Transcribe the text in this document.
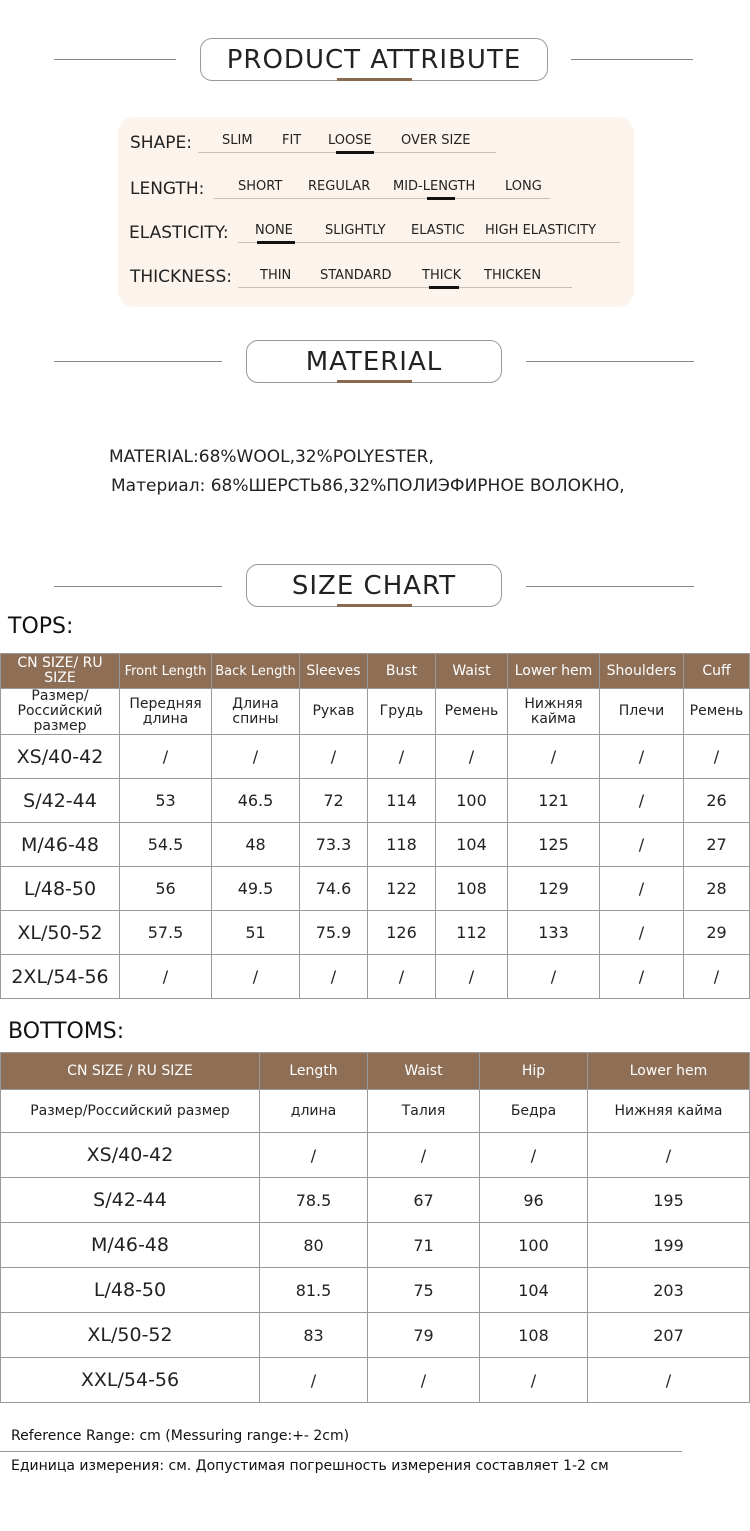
PRODUCT ATTRIBUTE
SHAPE: SLIM FIT LOOSE OVER SIZE
LENGTH:	SHORT REGULAR MID-LENGTH LONG
ELASTICITY: NONE SLIGHTLY ELASTIC HIGH ELASTICITY
THICKNESS: THIN STANDARD THICK THICKEN
MATERIAL
MATERIAL:68%WOOL,32%POLYESTER,
Материал: 68%ШЕРСТЬ86,32%ПОЛИЭФИРНОЕ ВОЛОКНО,
SIZE CHART
TOPS:
CN SIZE/ RU SIZE	Front Length	Back Length	Sleeves	Bust	Waist	Lower hem	Shoulders	Cuff
Размер/ Российский размер	Передняя длина	Длина спины	Рукав	Грудь	Ремень	Нижняя кайма	Плечи	Ремень
XS/40-42	/	/	/	/	/	/	/	/
S/42-44	53	46.5	72	114	100	121	/	26
M/46-48	54.5	48	73.3	118	104	125	/	27
L/48-50	56	49.5	74.6	122	108	129	/	28
XL/50-52	57.5	51	75.9	126	112	133	/	29
2XL/54-56	/	/	/	/	/	/	/	/
BOTTOMS:
CN SIZE / RU SIZE	Length	Waist	Hip	Lower hem
Размер/Российский размер	длина	Талия	Бедра	Нижняя кайма
XS/40-42	/	/	/	/
S/42-44	78.5	67	96	195
M/46-48	80	71	100	199
L/48-50	81.5	75	104	203
XL/50-52	83	79	108	207
XXL/54-56	/	/	/	/
Reference Range: cm (Messuring range:+- 2cm)
Единица измерения: см. Допустимая погрешность измерения составляет 1-2 см
